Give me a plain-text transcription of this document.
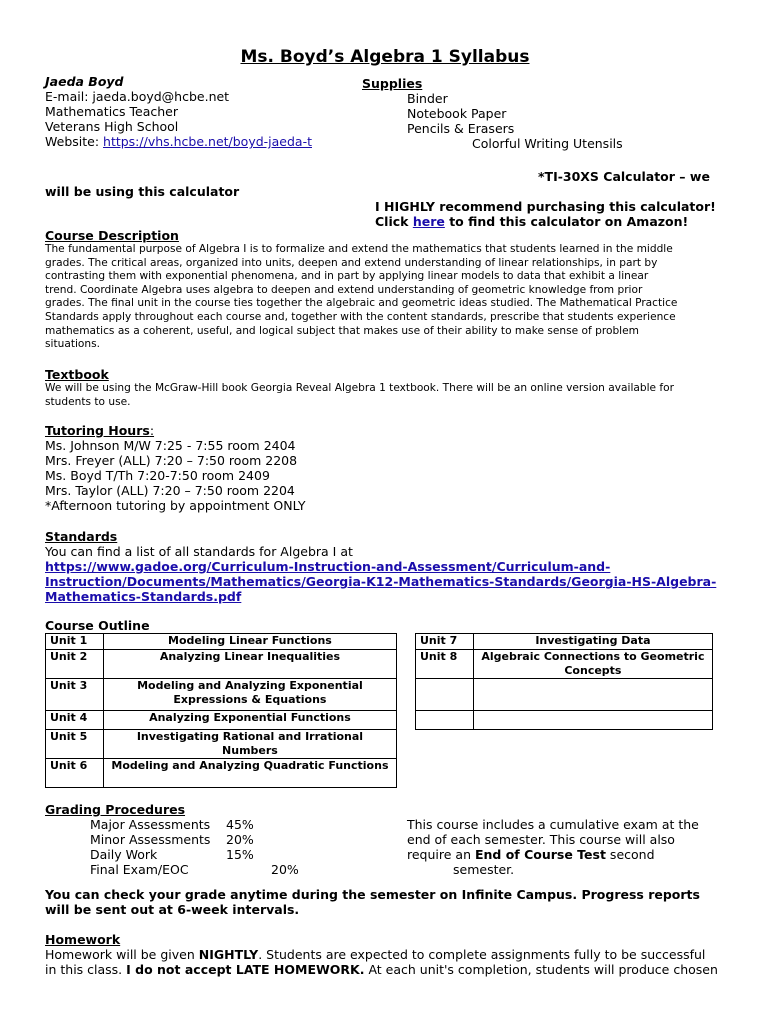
Ms. Boyd’s Algebra 1 Syllabus
Jaeda Boyd
E-mail: jaeda.boyd@hcbe.net
Mathematics Teacher
Veterans High School
Website: https://vhs.hcbe.net/boyd-jaeda-t
Supplies
Binder
Notebook Paper
Pencils & Erasers
Colorful Writing Utensils
*TI-30XS Calculator – we
will be using this calculator
I HIGHLY recommend purchasing this calculator!
Click here to find this calculator on Amazon!
Course Description

The fundamental purpose of Algebra I is to formalize and extend the mathematics that students learned in the middle

grades. The critical areas, organized into units, deepen and extend understanding of linear relationships, in part by

contrasting them with exponential phenomena, and in part by applying linear models to data that exhibit a linear

trend. Coordinate Algebra uses algebra to deepen and extend understanding of geometric knowledge from prior

grades. The final unit in the course ties together the algebraic and geometric ideas studied. The Mathematical Practice

Standards apply throughout each course and, together with the content standards, prescribe that students experience

mathematics as a coherent, useful, and logical subject that makes use of their ability to make sense of problem

situations.

Textbook

We will be using the McGraw-Hill book Georgia Reveal Algebra 1 textbook. There will be an online version available for

students to use.

Tutoring Hours:
Ms. Johnson M/W 7:25 - 7:55 room 2404
Mrs. Freyer (ALL) 7:20 – 7:50 room 2208
Ms. Boyd T/Th 7:20-7:50 room 2409
Mrs. Taylor (ALL) 7:20 – 7:50 room 2204
*Afternoon tutoring by appointment ONLY
Standards
You can find a list of all standards for Algebra I at
https://www.gadoe.org/Curriculum-Instruction-and-Assessment/Curriculum-and-
Instruction/Documents/Mathematics/Georgia-K12-Mathematics-Standards/Georgia-HS-Algebra-
Mathematics-Standards.pdf
Course Outline
Unit 1	Modeling Linear Functions
Unit 2	Analyzing Linear Inequalities
Unit 3	Modeling and Analyzing Exponential Expressions & Equations
Unit 4	Analyzing Exponential Functions
Unit 5	Investigating Rational and Irrational Numbers
Unit 6	Modeling and Analyzing Quadratic Functions
Unit 7	Investigating Data
Unit 8	Algebraic Connections to Geometric Concepts

Grading Procedures
Major Assessments 45%
Minor Assessments 20%
Daily Work	15%
Final Exam/EOC	20%
This course includes a cumulative exam at the
end of each semester. This course will also
require an End of Course Test second
semester.
You can check your grade anytime during the semester on Infinite Campus. Progress reports
will be sent out at 6-week intervals.
Homework
Homework will be given NIGHTLY. Students are expected to complete assignments fully to be successful
in this class. I do not accept LATE HOMEWORK. At each unit's completion, students will produce chosen
